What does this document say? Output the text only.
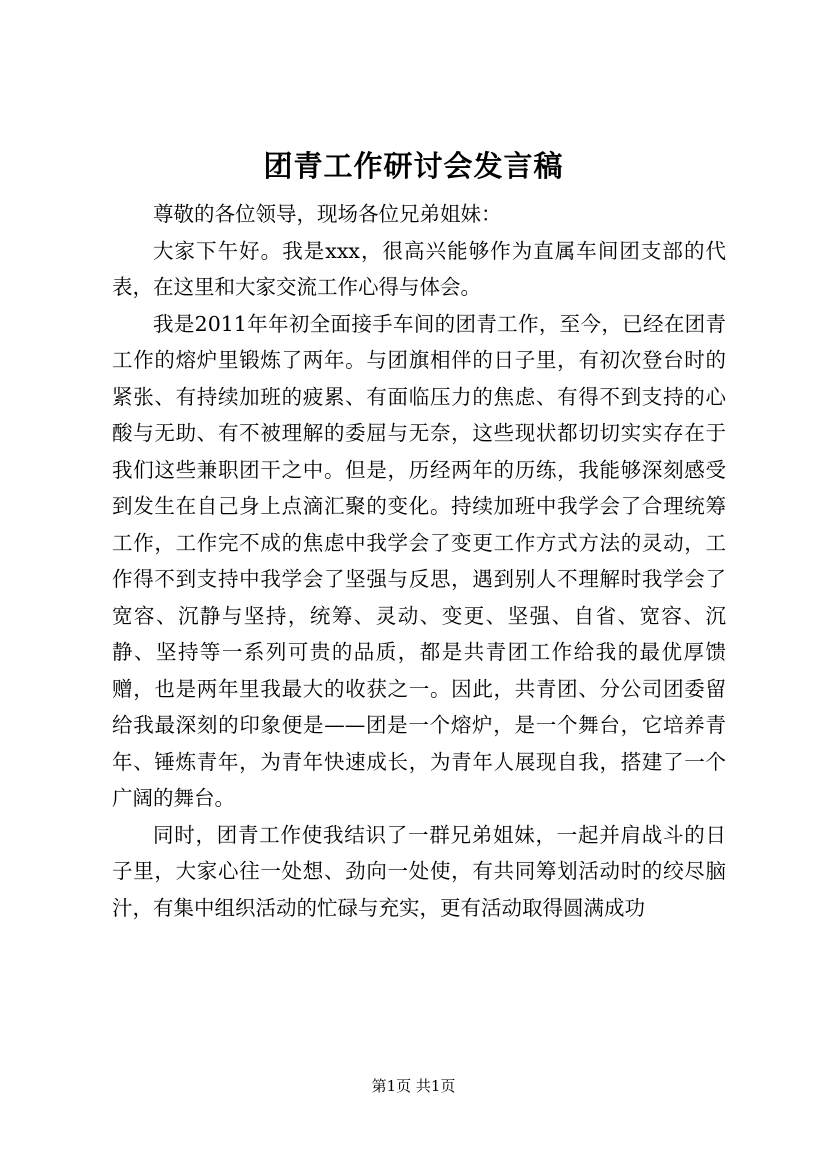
团青工作研讨会发言稿

尊敬的各位领导，现场各位兄弟姐妹：

大家下午好。我是xxx，很高兴能够作为直属车间团支部的代表，在这里和大家交流工作心得与体会。

我是2011年年初全面接手车间的团青工作，至今，已经在团青工作的熔炉里锻炼了两年。与团旗相伴的日子里，有初次登台时的紧张、有持续加班的疲累、有面临压力的焦虑、有得不到支持的心酸与无助、有不被理解的委屈与无奈，这些现状都切切实实存在于我们这些兼职团干之中。但是，历经两年的历练，我能够深刻感受到发生在自己身上点滴汇聚的变化。持续加班中我学会了合理统筹工作，工作完不成的焦虑中我学会了变更工作方式方法的灵动，工作得不到支持中我学会了坚强与反思，遇到别人不理解时我学会了宽容、沉静与坚持，统筹、灵动、变更、坚强、自省、宽容、沉静、坚持等一系列可贵的品质，都是共青团工作给我的最优厚馈赠，也是两年里我最大的收获之一。因此，共青团、分公司团委留给我最深刻的印象便是——团是一个熔炉，是一个舞台，它培养青年、锤炼青年，为青年快速成长，为青年人展现自我，搭建了一个广阔的舞台。

同时，团青工作使我结识了一群兄弟姐妹，一起并肩战斗的日子里，大家心往一处想、劲向一处使，有共同筹划活动时的绞尽脑汁，有集中组织活动的忙碌与充实，更有活动取得圆满成功

第1页 共1页
